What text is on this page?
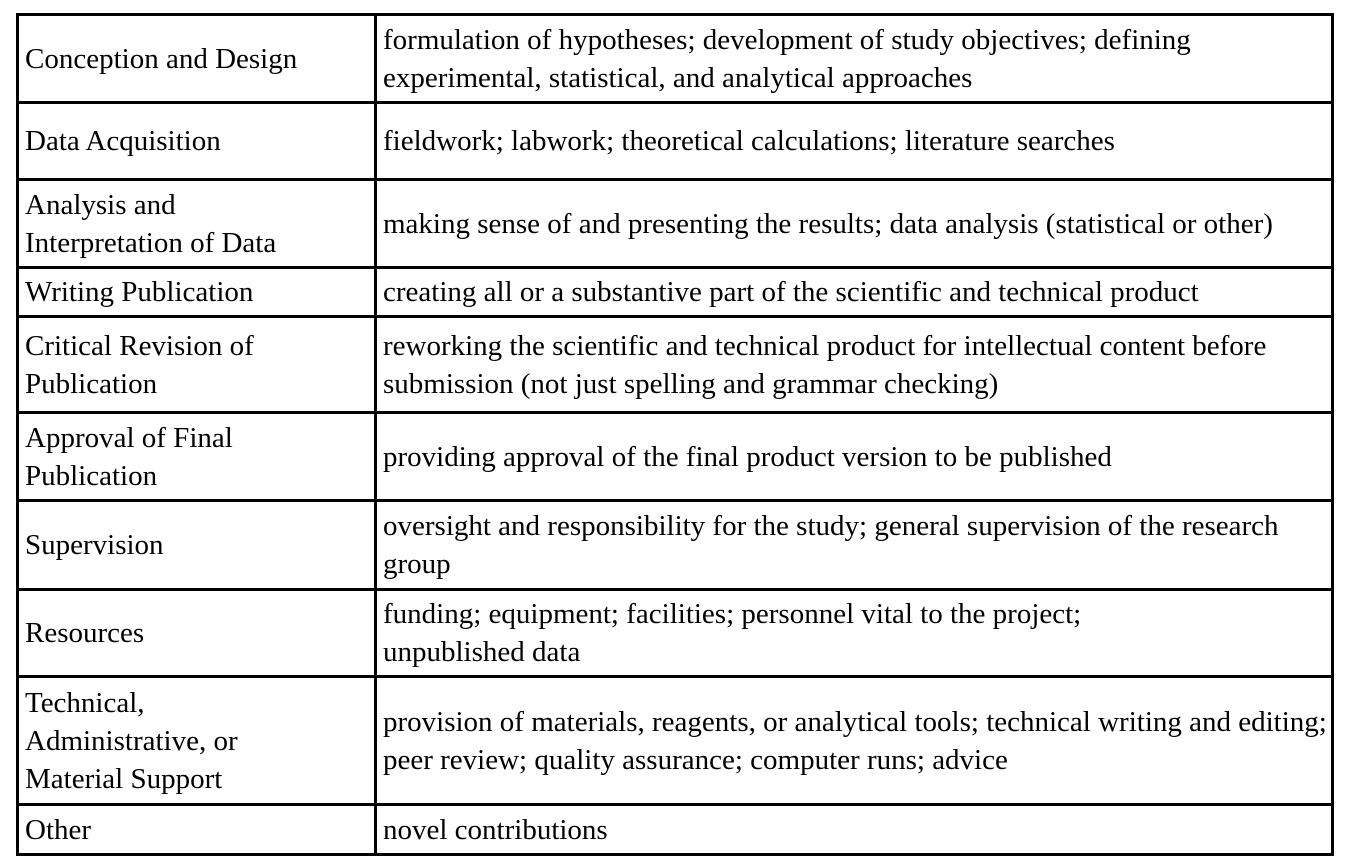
Conception and Design	formulation of hypotheses; development of study objectives; defining experimental, statistical, and analytical approaches
Data Acquisition	fieldwork; labwork; theoretical calculations; literature searches
Analysis and Interpretation of Data	making sense of and presenting the results; data analysis (statistical or other)
Writing Publication	creating all or a substantive part of the scientific and technical product
Critical Revision of Publication	reworking the scientific and technical product for intellectual content before submission (not just spelling and grammar checking)
Approval of Final Publication	providing approval of the final product version to be published
Supervision	oversight and responsibility for the study; general supervision of the research group
Resources	funding; equipment; facilities; personnel vital to the project; unpublished data
Technical, Administrative, or Material Support	provision of materials, reagents, or analytical tools; technical writing and editing; peer review; quality assurance; computer runs; advice
Other	novel contributions
